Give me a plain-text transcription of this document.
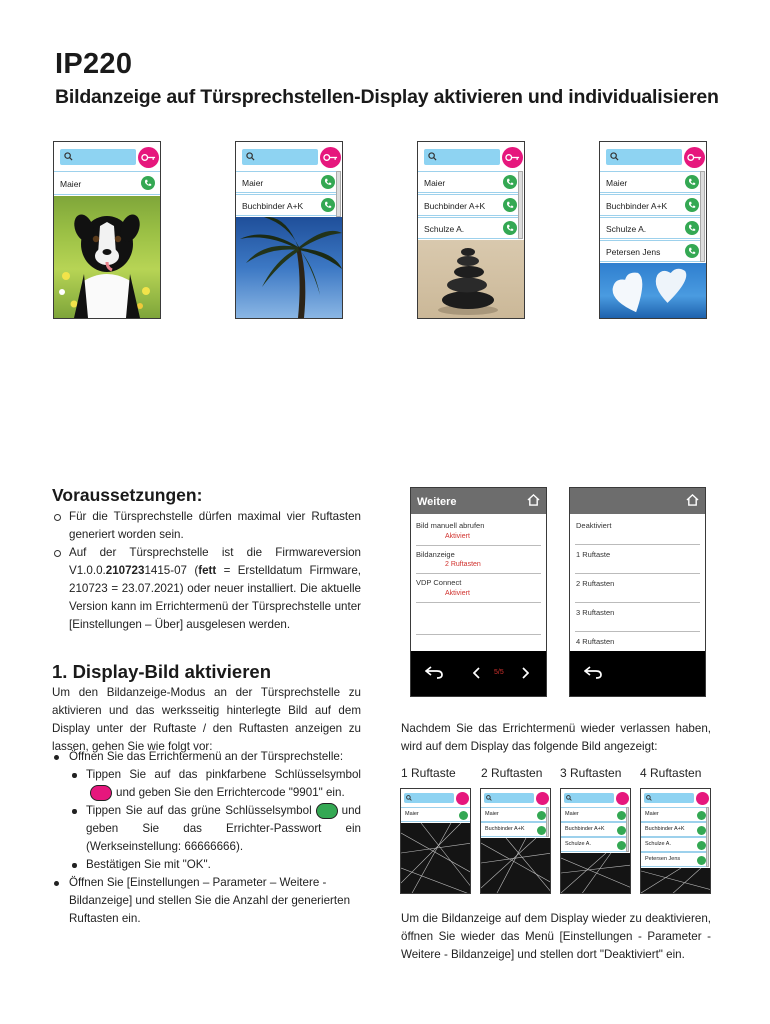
IP220
Bildanzeige auf Türsprechstellen-Display aktivieren und individualisieren
Maier	Maier
Buchbinder A+K
Maier
Buchbinder A+K
Schulze A.
Maier
Buchbinder A+K
Schulze A.
Petersen Jens
Voraussetzungen:
Für die Türsprechstelle dürfen maximal vier Ruftasten generiert worden sein.
Auf der Türsprechstelle ist die Firmwareversion V1.0.0.2107231415-07 (fett = Erstelldatum Firmware, 210723 = 23.07.2021) oder neuer installiert. Die aktuelle Version kann im Errichtermenü der Türsprechstelle unter [Einstellungen – Über] ausgelesen werden.
1. Display-Bild aktivieren
Um den Bildanzeige-Modus an der Türsprechstelle zu aktivieren und das werksseitig hinterlegte Bild auf dem Display unter der Ruftaste / den Ruftasten anzeigen zu lassen, gehen Sie wie folgt vor:
Öffnen Sie das Errichtermenü an der Türsprechstelle:
Tippen Sie auf das pinkfarbene Schlüsselsymbolund geben Sie den Errichtercode "9901" ein.
Tippen Sie auf das grüne Schlüsselsymbol	und geben Sie das Errichter-Passwort ein (Werkseinstellung: 66666666).
Bestätigen Sie mit "OK".
Öffnen Sie [Einstellungen – Parameter – Weitere - Bildanzeige] und stellen Sie die Anzahl der generierten Ruftasten ein.
Weitere
Bild manuell abrufen
Aktiviert
Bildanzeige
2 Ruftasten
VDP Connect
Aktiviert
5/5
Deaktiviert
1 Ruftaste
2 Ruftasten
3 Ruftasten
4 Ruftasten
Nachdem Sie das Errichtermenü wieder verlassen haben, wird auf dem Display das folgende Bild angezeigt:
1 Ruftaste 2 Ruftasten 3 Ruftasten 4 Ruftasten
Maier	Maier
Buchbinder A+K
Maier
Buchbinder A+K
Schulze A.
Maier
Buchbinder A+K
Schulze A.
Petersen Jens
Um die Bildanzeige auf dem Display wieder zu deaktivieren, öffnen Sie wieder das Menü [Einstellungen - Parameter - Weitere - Bildanzeige] und stellen dort "Deaktiviert" ein.
